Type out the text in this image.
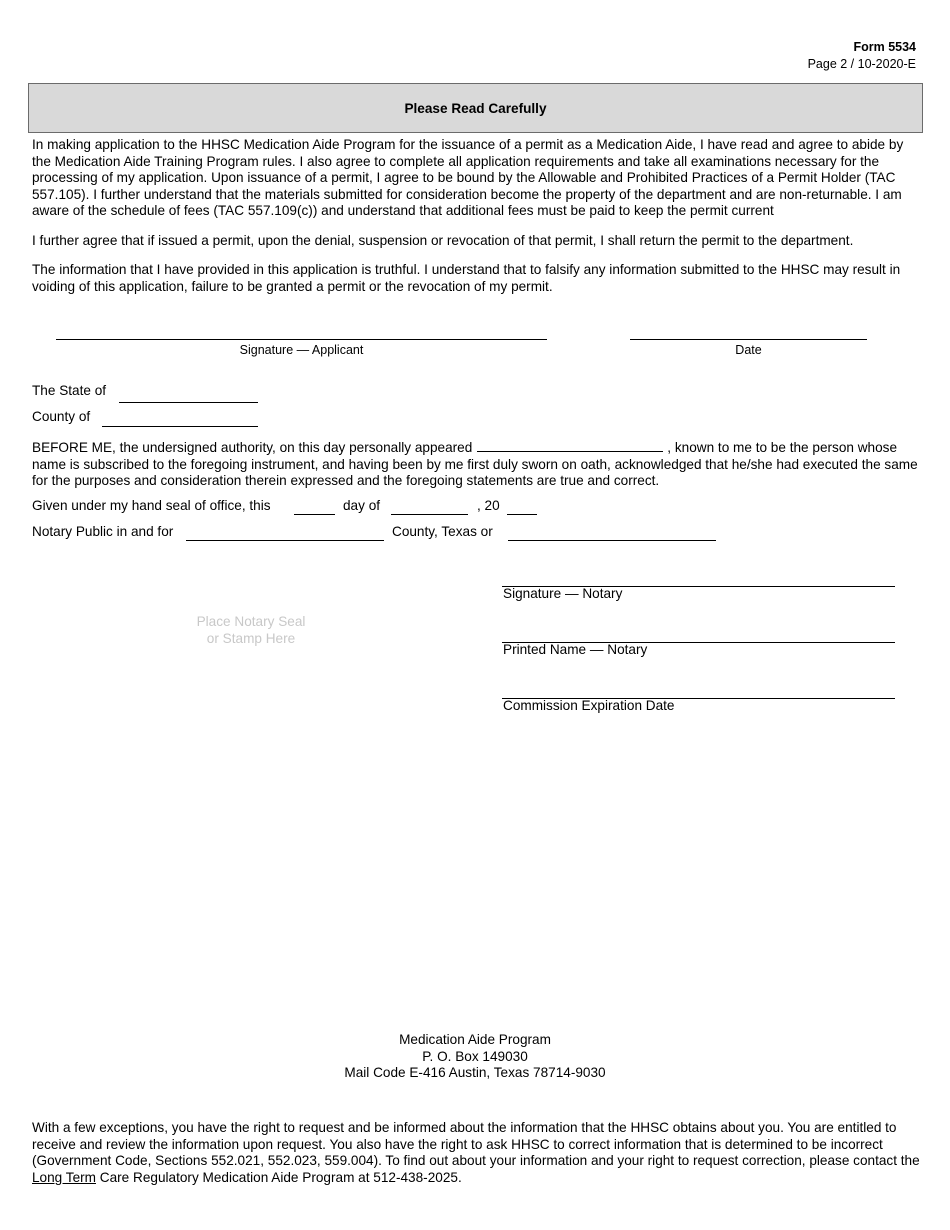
Form 5534
Page 2 / 10-2020-E
Please Read Carefully
In making application to the HHSC Medication Aide Program for the issuance of a permit as a Medication Aide, I have read and agree to abide by the Medication Aide Training Program rules. I also agree to complete all application requirements and take all examinations necessary for the processing of my application. Upon issuance of a permit, I agree to be bound by the Allowable and Prohibited Practices of a Permit Holder (TAC 557.105). I further understand that the materials submitted for consideration become the property of the department and are non-returnable. I am aware of the schedule of fees (TAC 557.109(c)) and understand that additional fees must be paid to keep the permit current
I further agree that if issued a permit, upon the denial, suspension or revocation of that permit, I shall return the permit to the department.
The information that I have provided in this application is truthful. I understand that to falsify any information submitted to the HHSC may result in voiding of this application, failure to be granted a permit or the revocation of my permit.
Signature — Applicant	Date
The State of
County of
BEFORE ME, the undersigned authority, on this day personally appeared	, known to me to be the person whose name is subscribed to the foregoing instrument, and having been by me first duly sworn on oath, acknowledged that he/she had executed the same for the purposes and consideration therein expressed and the foregoing statements are true and correct.
Given under my hand seal of office, this	day of	, 20
Notary Public in and for	County, Texas or
Place Notary Seal
or Stamp Here
Signature — Notary
Printed Name — Notary
Commission Expiration Date
Medication Aide Program
P. O. Box 149030
Mail Code E-416 Austin, Texas 78714-9030
With a few exceptions, you have the right to request and be informed about the information that the HHSC obtains about you. You are entitled to receive and review the information upon request. You also have the right to ask HHSC to correct information that is determined to be incorrect (Government Code, Sections 552.021, 552.023, 559.004). To find out about your information and your right to request correction, please contact the Long Term Care Regulatory Medication Aide Program at 512-438-2025.
